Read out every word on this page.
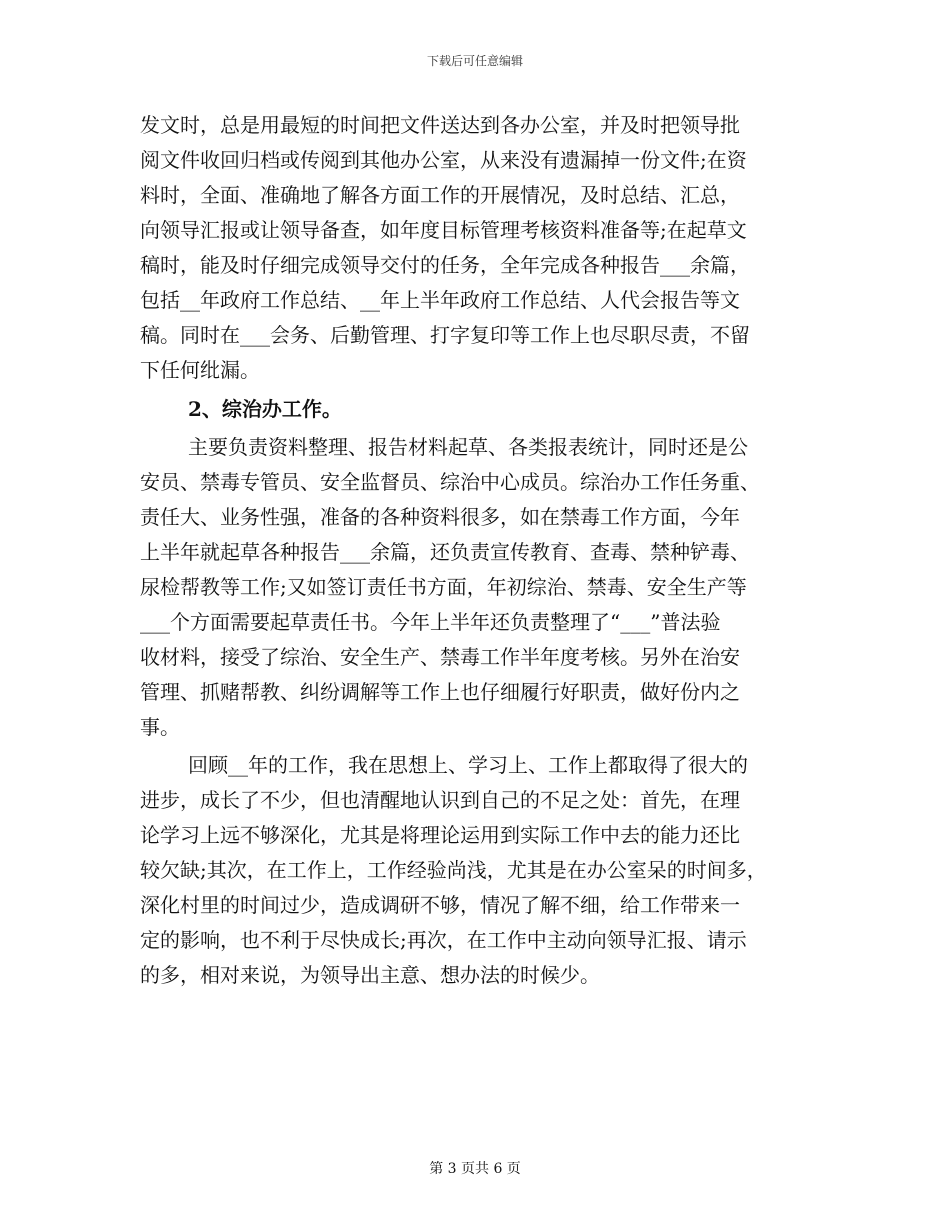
下载后可任意编辑
发文时，总是用最短的时间把文件送达到各办公室，并及时把领导批
阅文件收回归档或传阅到其他办公室，从来没有遗漏掉一份文件;在资
料时，全面、准确地了解各方面工作的开展情况，及时总结、汇总，
向领导汇报或让领导备查，如年度目标管理考核资料准备等;在起草文
稿时，能及时仔细完成领导交付的任务，全年完成各种报告___余篇，
包括__年政府工作总结、__年上半年政府工作总结、人代会报告等文
稿。同时在___会务、后勤管理、打字复印等工作上也尽职尽责，不留
下任何纰漏。
2、综治办工作。
主要负责资料整理、报告材料起草、各类报表统计，同时还是公
安员、禁毒专管员、安全监督员、综治中心成员。综治办工作任务重、
责任大、业务性强，准备的各种资料很多，如在禁毒工作方面，今年
上半年就起草各种报告___余篇，还负责宣传教育、查毒、禁种铲毒、
尿检帮教等工作;又如签订责任书方面，年初综治、禁毒、安全生产等
___个方面需要起草责任书。今年上半年还负责整理了“___”普法验
收材料，接受了综治、安全生产、禁毒工作半年度考核。另外在治安
管理、抓赌帮教、纠纷调解等工作上也仔细履行好职责，做好份内之
事。
回顾__年的工作，我在思想上、学习上、工作上都取得了很大的
进步，成长了不少，但也清醒地认识到自己的不足之处：首先，在理
论学习上远不够深化，尤其是将理论运用到实际工作中去的能力还比
较欠缺;其次，在工作上，工作经验尚浅，尤其是在办公室呆的时间多，
深化村里的时间过少，造成调研不够，情况了解不细，给工作带来一
定的影响，也不利于尽快成长;再次，在工作中主动向领导汇报、请示
的多，相对来说，为领导出主意、想办法的时候少。
第 3 页共 6 页
